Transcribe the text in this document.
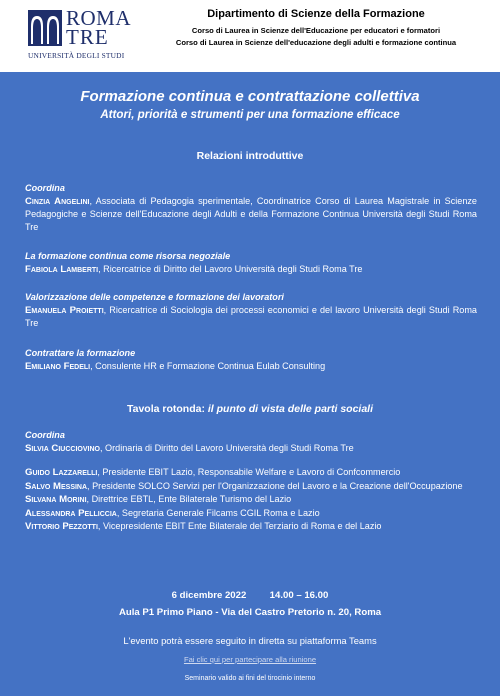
ROMA
TRE
UNIVERSITÀ DEGLI STUDI
Dipartimento di Scienze della Formazione
Corso di Laurea in Scienze dell'Educazione per educatori e formatori
Corso di Laurea in Scienze dell'educazione degli adulti e formazione continua
Formazione continua e contrattazione collettiva
Attori, priorità e strumenti per una formazione efficace
Relazioni introduttive
Coordina
Cinzia Angelini, Associata di Pedagogia sperimentale, Coordinatrice Corso di Laurea Magistrale in Scienze Pedagogiche e Scienze dell'Educazione degli Adulti e della Formazione Continua Università degli Studi Roma Tre
La formazione continua come risorsa negoziale
Fabiola Lamberti, Ricercatrice di Diritto del Lavoro Università degli Studi Roma Tre
Valorizzazione delle competenze e formazione dei lavoratori
Emanuela Proietti, Ricercatrice di Sociologia dei processi economici e del lavoro Università degli Studi Roma Tre
Contrattare la formazione
Emiliano Fedeli, Consulente HR e Formazione Continua Eulab Consulting
Tavola rotonda: il punto di vista delle parti sociali
Coordina
Silvia Ciucciovino, Ordinaria di Diritto del Lavoro Università degli Studi Roma Tre
Guido Lazzarelli, Presidente EBIT Lazio, Responsabile Welfare e Lavoro di Confcommercio
Salvo Messina, Presidente SOLCO Servizi per l'Organizzazione del Lavoro e la Creazione dell'Occupazione
Silvana Morini, Direttrice EBTL, Ente Bilaterale Turismo del Lazio
Alessandra Pelliccia, Segretaria Generale Filcams CGIL Roma e Lazio
Vittorio Pezzotti, Vicepresidente EBIT Ente Bilaterale del Terziario di Roma e del Lazio
6 dicembre 2022 14.00 – 16.00
Aula P1 Primo Piano - Via del Castro Pretorio n. 20, Roma
L'evento potrà essere seguito in diretta su piattaforma Teams
Fai clic qui per partecipare alla riunione
Seminario valido ai fini del tirocinio interno
